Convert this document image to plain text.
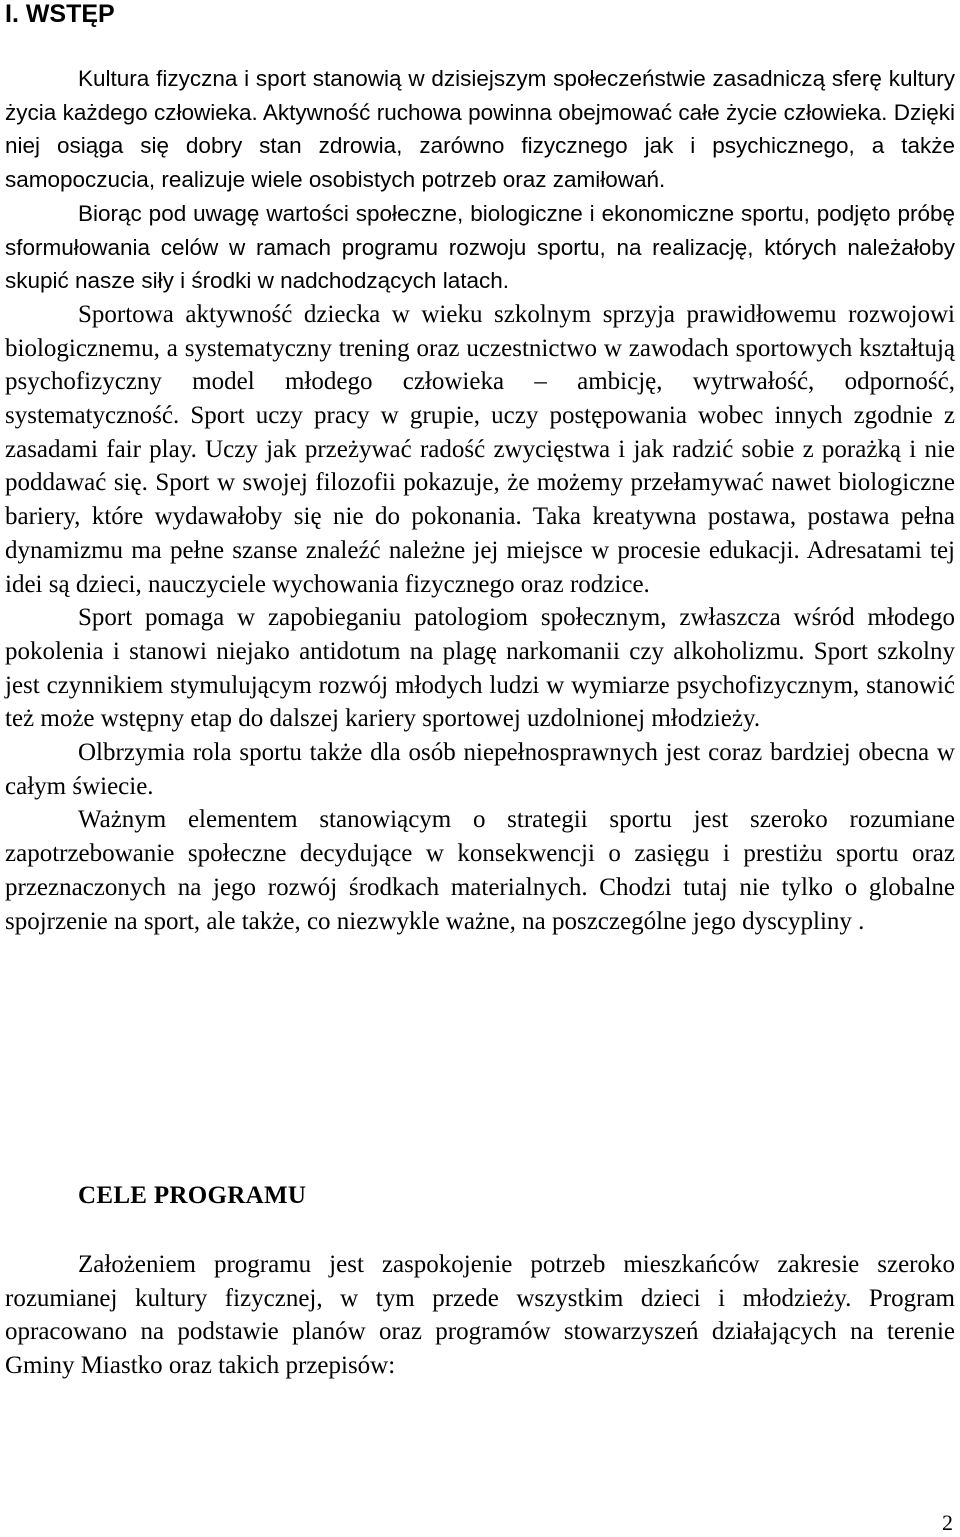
I. WSTĘP

Kultura fizyczna i sport stanowią w dzisiejszym społeczeństwie zasadniczą sferę kultury życia każdego człowieka. Aktywność ruchowa powinna obejmować całe życie człowieka. Dzięki niej osiąga się dobry stan zdrowia, zarówno fizycznego jak i psychicznego, a także samopoczucia, realizuje wiele osobistych potrzeb oraz zamiłowań.

Biorąc pod uwagę wartości społeczne, biologiczne i ekonomiczne sportu, podjęto próbę sformułowania celów w ramach programu rozwoju sportu, na realizację, których należałoby skupić nasze siły i środki w nadchodzących latach.

Sportowa aktywność dziecka w wieku szkolnym sprzyja prawidłowemu rozwojowi biologicznemu, a systematyczny trening oraz uczestnictwo w zawodach sportowych kształtują psychofizyczny model młodego człowieka – ambicję, wytrwałość, odporność, systematyczność. Sport uczy pracy w grupie, uczy postępowania wobec innych zgodnie z zasadami fair play. Uczy jak przeżywać radość zwycięstwa i jak radzić sobie z porażką i nie poddawać się. Sport w swojej filozofii pokazuje, że możemy przełamywać nawet biologiczne bariery, które wydawałoby się nie do pokonania. Taka kreatywna postawa, postawa pełna dynamizmu ma pełne szanse znaleźć należne jej miejsce w procesie edukacji. Adresatami tej idei są dzieci, nauczyciele wychowania fizycznego oraz rodzice.

Sport pomaga w zapobieganiu patologiom społecznym, zwłaszcza wśród młodego pokolenia i stanowi niejako antidotum na plagę narkomanii czy alkoholizmu. Sport szkolny jest czynnikiem stymulującym rozwój młodych ludzi w wymiarze psychofizycznym, stanowić też może wstępny etap do dalszej kariery sportowej uzdolnionej młodzieży.

Olbrzymia rola sportu także dla osób niepełnosprawnych jest coraz bardziej obecna w całym świecie.

Ważnym elementem stanowiącym o strategii sportu jest szeroko rozumiane zapotrzebowanie społeczne decydujące w konsekwencji o zasięgu i prestiżu sportu oraz przeznaczonych na jego rozwój środkach materialnych. Chodzi tutaj nie tylko o globalne spojrzenie na sport, ale także, co niezwykle ważne, na poszczególne jego dyscypliny .

CELE PROGRAMU

Założeniem programu jest zaspokojenie potrzeb mieszkańców zakresie szeroko rozumianej kultury fizycznej, w tym przede wszystkim dzieci i młodzieży. Program opracowano na podstawie planów oraz programów stowarzyszeń działających na terenie Gminy Miastko oraz takich przepisów:

2
